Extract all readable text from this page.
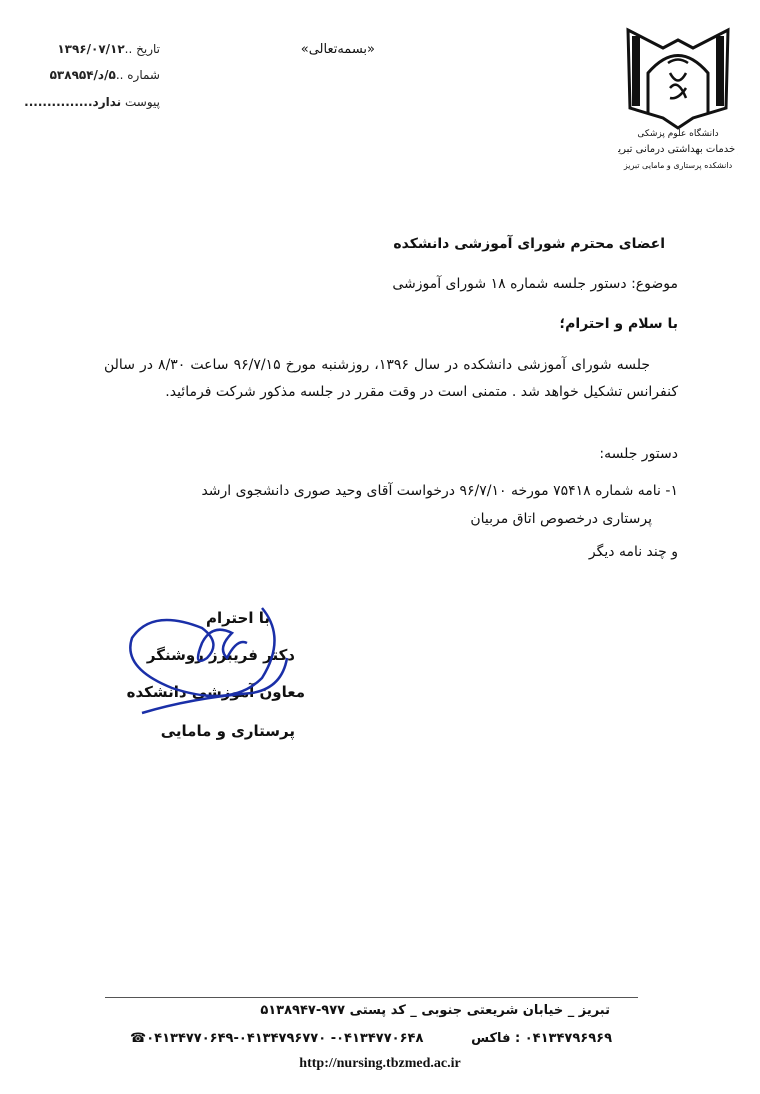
دانشگاه علوم پزشکی
و خدمات بهداشتی درمانی تبریز
دانشکده پرستاری و مامایی تبریز
«بسمه‌تعالی»
تاریخ ..۱۳۹۶/۰۷/۱۲
شماره ..۵/د/۵۳۸۹۵۴
پیوست ندارد...............
اعضای محترم شورای آموزشی دانشکده
موضوع: دستور جلسه شماره ۱۸ شورای آموزشی
با سلام و احترام؛
جلسه شورای آموزشی دانشکده در سال ۱۳۹۶، روزشنبه مورخ ۹۶/۷/۱۵ ساعت ۸/۳۰ در سالن کنفرانس تشکیل خواهد شد . متمنی است در وقت مقرر در جلسه مذکور شرکت فرمائید.
دستور جلسه:
۱- نامه شماره ۷۵۴۱۸ مورخه ۹۶/۷/۱۰ درخواست آقای وحید صوری دانشجوی ارشد
پرستاری درخصوص اتاق مربیان
و چند نامه دیگر
با احترام
دکتر فریبرز روشنگر
معاون آموزشی دانشکده
پرستاری و مامایی
تبریز _ خیابان شریعتی جنوبی _ کد پستی ۹۷۷-۵۱۳۸۹۴۷
۰۴۱۳۴۷۹۶۹۶۹ : فاکس
☎۰۴۱۳۴۷۷۰۶۴۸- ۰۴۱۳۴۷۷۰۶۴۹-۰۴۱۳۴۷۹۶۷۷۰
http://nursing.tbzmed.ac.ir
